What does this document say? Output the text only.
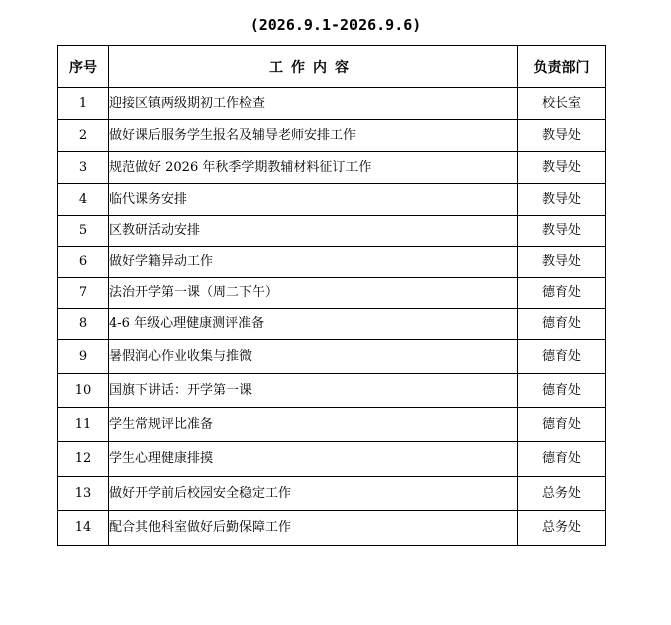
(2026.9.1-2026.9.6)
序号	工作内容	负责部门
1	迎接区镇两级期初工作检查	校长室
2	做好课后服务学生报名及辅导老师安排工作	教导处
3	规范做好 2026 年秋季学期教辅材料征订工作	教导处
4	临代课务安排	教导处
5	区教研活动安排	教导处
6	做好学籍异动工作	教导处
7	法治开学第一课（周二下午）	德育处
8	4-6 年级心理健康测评准备	德育处
9	暑假润心作业收集与推微	德育处
10	国旗下讲话：开学第一课	德育处
11	学生常规评比准备	德育处
12	学生心理健康排摸	德育处
13	做好开学前后校园安全稳定工作	总务处
14	配合其他科室做好后勤保障工作	总务处
